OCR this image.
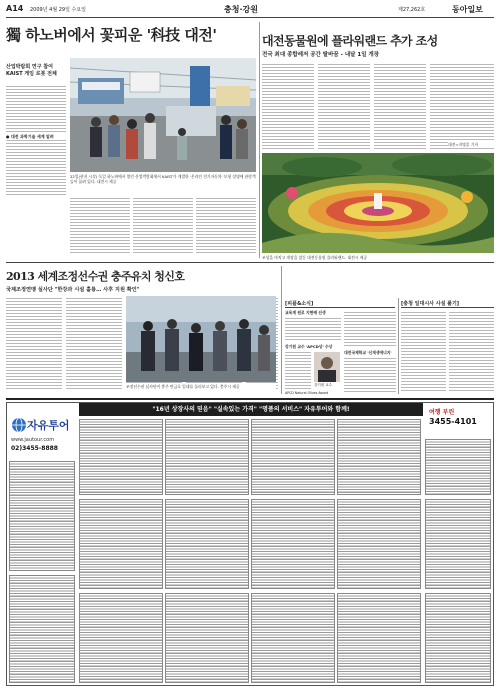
A14 2009년 4월 29일 수요일	충청·강원	제27,262호	동아일보
獨 하노버에서 꽃피운 '科技 대전'
산업박람회 연구 참여
KAIST 게임 로봇 전체
● 대전 과학기술 세계 알려
22일(현지 시각) 독일 하노버에서 열린 산업박람회에서 KAIST가 개발한 '온라인 전기자동차' 모형 설명에 관람객들이 몰려 있다. 대전시 제공
대전동물원에 플라워랜드 추가 조성
전국 최대 종합레저 공간 탈바꿈 - 내달 1일 개장
대전=지명훈 기자
조성을 마치고 개장을 앞둔 대전동물원 플라워랜드. 대전시 제공
2013 세계조정선수권 충주유치 청신호
국제조정연맹 실사단 "한강과 시설 훌륭… 사후 지원 확인"
조정선수권 실사단이 충주 탄금호 일대를 둘러보고 있다. 충주시 제공
[피플&소식]
교육계 원로 지현배 선생
강기원 교수 'APCD상' 수상
강기원 교수
APCD Natural Olives Award
대전국제학교 '신재생에너지'
[충청 일대시사 사설 풀기]
"16년 상장사의 믿음" "실속있는 가격" "명품의 서비스" 자유투어와 함께!
자유투어
www.jautour.com
02)3455-8888
여행 부린
3455-4101
